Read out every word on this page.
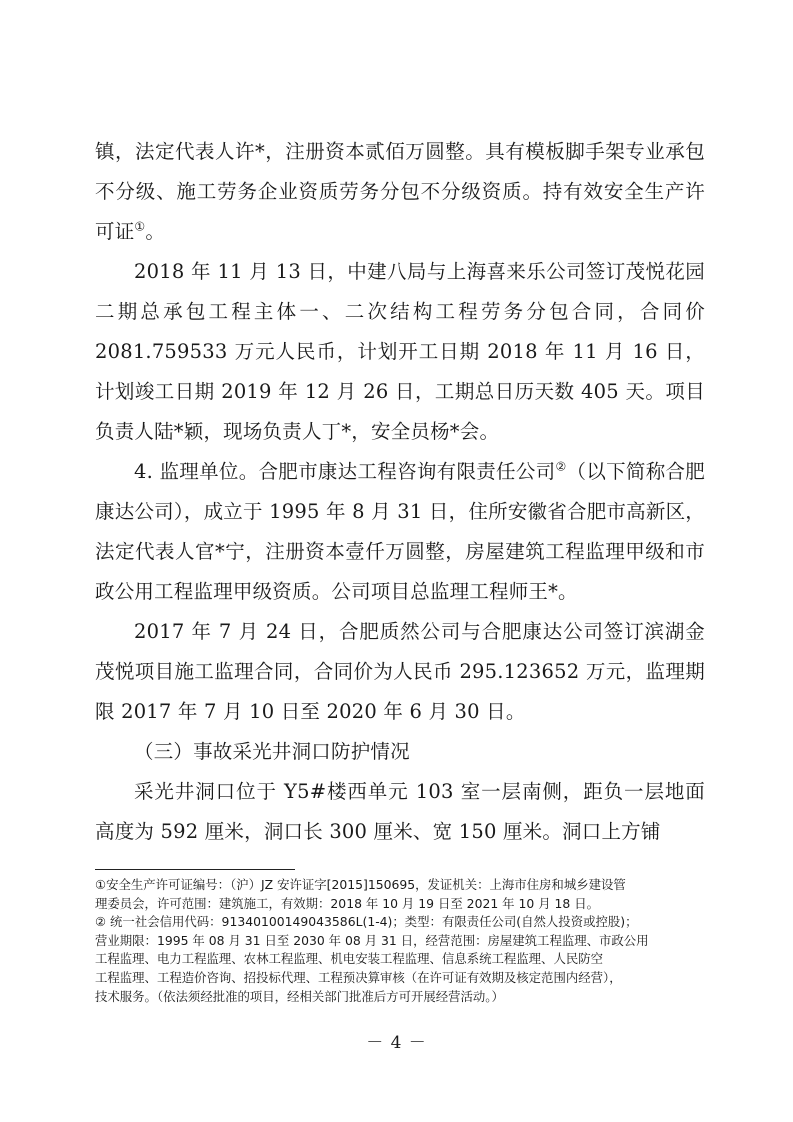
镇，法定代表人许*，注册资本贰佰万圆整。具有模板脚手架专业承包不分级、施工劳务企业资质劳务分包不分级资质。持有效安全生产许可证①。

2018 年 11 月 13 日，中建八局与上海喜来乐公司签订茂悦花园二期总承包工程主体一、二次结构工程劳务分包合同，合同价 2081.759533 万元人民币，计划开工日期 2018 年 11 月 16 日，计划竣工日期 2019 年 12 月 26 日，工期总日历天数 405 天。项目负责人陆*颖，现场负责人丁*，安全员杨*会。

4. 监理单位。合肥市康达工程咨询有限责任公司②（以下简称合肥康达公司），成立于 1995 年 8 月 31 日，住所安徽省合肥市高新区，法定代表人官*宁，注册资本壹仟万圆整，房屋建筑工程监理甲级和市政公用工程监理甲级资质。公司项目总监理工程师王*。

2017 年 7 月 24 日，合肥质然公司与合肥康达公司签订滨湖金茂悦项目施工监理合同，合同价为人民币 295.123652 万元，监理期限 2017 年 7 月 10 日至 2020 年 6 月 30 日。

（三）事故采光井洞口防护情况

采光井洞口位于 Y5#楼西单元 103 室一层南侧，距负一层地面高度为 592 厘米，洞口长 300 厘米、宽 150 厘米。洞口上方铺

①安全生产许可证编号：（沪）JZ 安许证字[2015]150695，发证机关：上海市住房和城乡建设管

理委员会，许可范围：建筑施工，有效期：2018 年 10 月 19 日至 2021 年 10 月 18 日。

② 统一社会信用代码：91340100149043586L(1-4)；类型：有限责任公司(自然人投资或控股)；

营业期限：1995 年 08 月 31 日至 2030 年 08 月 31 日，经营范围：房屋建筑工程监理、市政公用

工程监理、电力工程监理、农林工程监理、机电安装工程监理、信息系统工程监理、人民防空

工程监理、工程造价咨询、招投标代理、工程预决算审核（在许可证有效期及核定范围内经营），

技术服务。（依法须经批准的项目，经相关部门批准后方可开展经营活动。）

－ 4 －
